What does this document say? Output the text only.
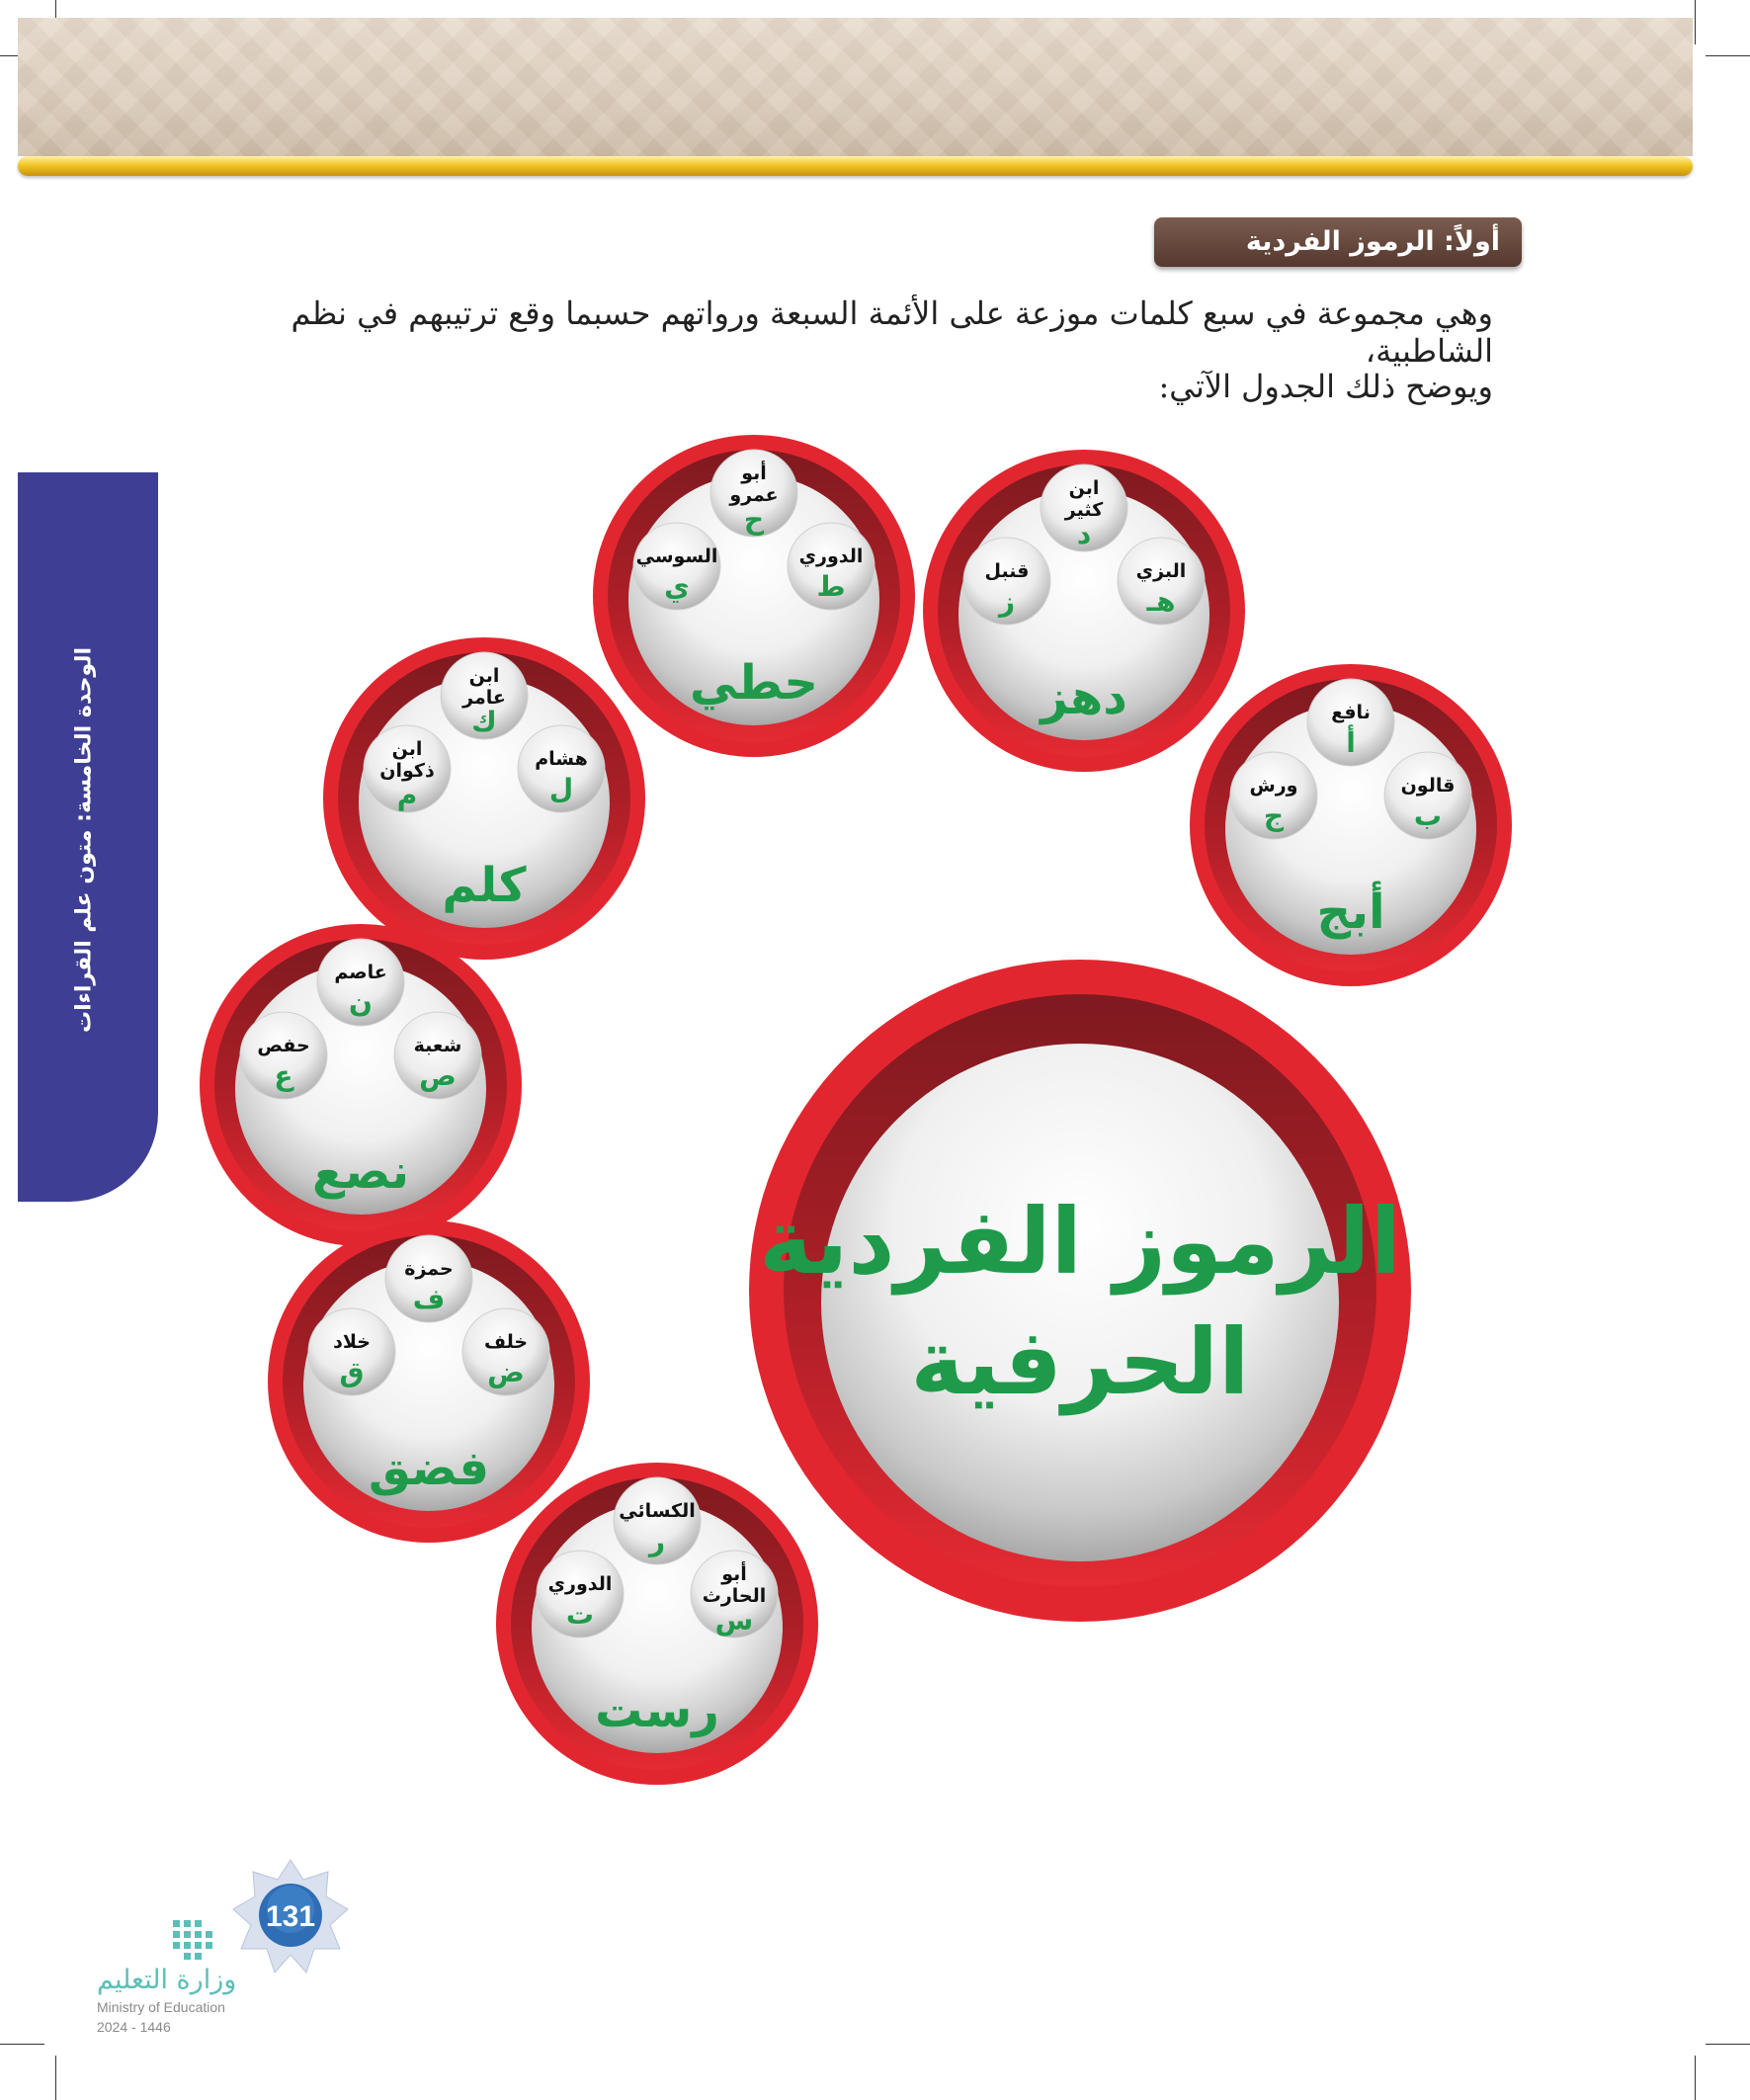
أولاً: الرموز الفردية
وهي مجموعة في سبع كلمات موزعة على الأئمة السبعة ورواتهم حسبما وقع ترتيبهم في نظم الشاطبية،
ويوضح ذلك الجدول الآتي:
الوحدة الخامسة: متون علم القراءات
الرموز الفردية
الحرفية
نافع
أ
قالون
ب
ورش
ج
أبج
ابن كثير
د
البزي
هـ
قنبل
ز
دهز
أبو عمرو
ح
الدوري
ط
السوسي
ي
حطي
ابن عامر
ك
هشام
ل
ابن ذكوان
م
كلم
عاصم
ن
شعبة
ص
حفص
ع
نصع
حمزة
ف
خلف
ض
خلاد
ق
فضق
الكسائي
ر
أبو الحارث
س
الدوري
ت
رست
131
وزارة التعليم
Ministry of Education
2024 - 1446
